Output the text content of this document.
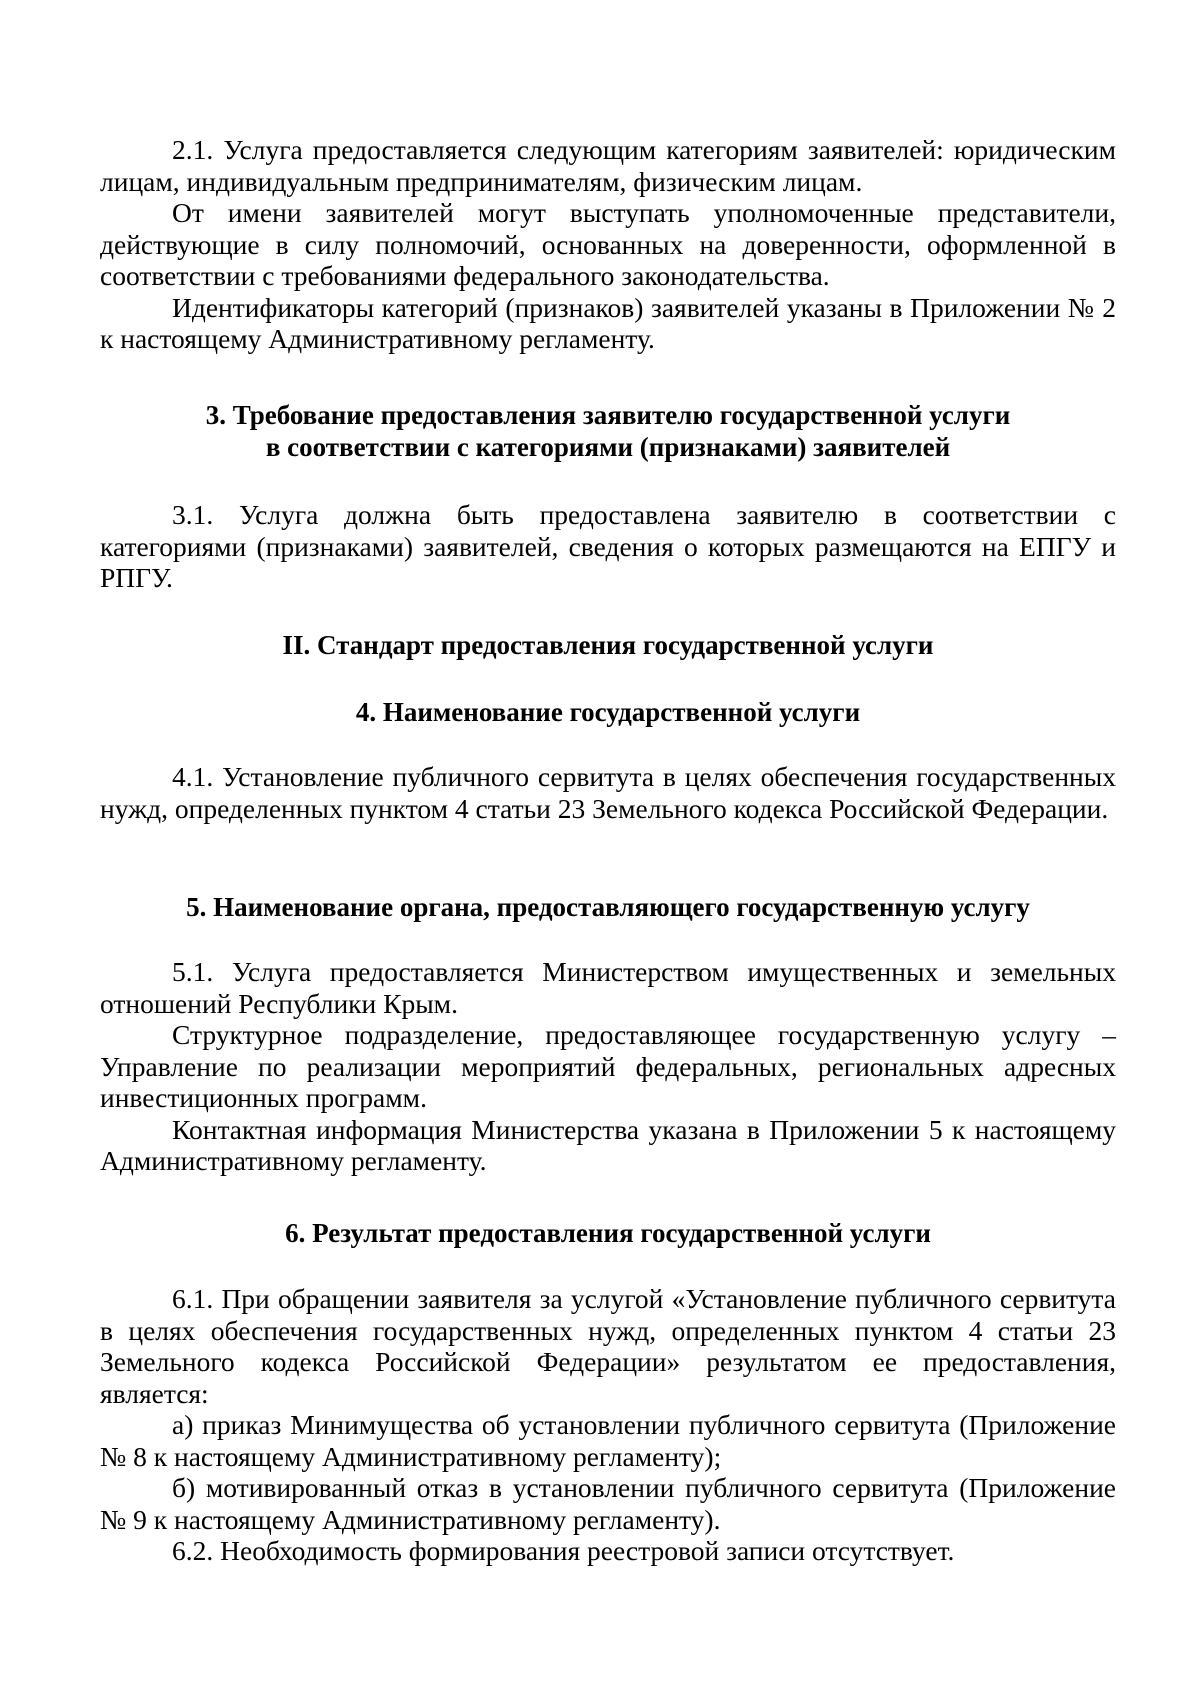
2.1. Услуга предоставляется следующим категориям заявителей: юридическим лицам, индивидуальным предпринимателям, физическим лицам.

От имени заявителей могут выступать уполномоченные представители, действующие в силу полномочий, основанных на доверенности, оформленной в соответствии с требованиями федерального законодательства.

Идентификаторы категорий (признаков) заявителей указаны в Приложении № 2 к настоящему Административному регламенту.

3. Требование предоставления заявителю государственной услуги
в соответствии с категориями (признаками) заявителей

3.1. Услуга должна быть предоставлена заявителю в соответствии с категориями (признаками) заявителей, сведения о которых размещаются на ЕПГУ и РПГУ.

II. Стандарт предоставления государственной услуги
4. Наименование государственной услуги

4.1. Установление публичного сервитута в целях обеспечения государственных нужд, определенных пунктом 4 статьи 23 Земельного кодекса Российской Федерации.

5. Наименование органа, предоставляющего государственную услугу

5.1. Услуга предоставляется Министерством имущественных и земельных отношений Республики Крым.

Структурное подразделение, предоставляющее государственную услугу – Управление по реализации мероприятий федеральных, региональных адресных инвестиционных программ.

Контактная информация Министерства указана в Приложении 5 к настоящему Административному регламенту.

6. Результат предоставления государственной услуги

6.1. При обращении заявителя за услугой «Установление публичного сервитута в целях обеспечения государственных нужд, определенных пунктом 4 статьи 23 Земельного кодекса Российской Федерации» результатом ее предоставления, является:

а) приказ Минимущества об установлении публичного сервитута (Приложение № 8 к настоящему Административному регламенту);

б) мотивированный отказ в установлении публичного сервитута (Приложение № 9 к настоящему Административному регламенту).

6.2. Необходимость формирования реестровой записи отсутствует.
